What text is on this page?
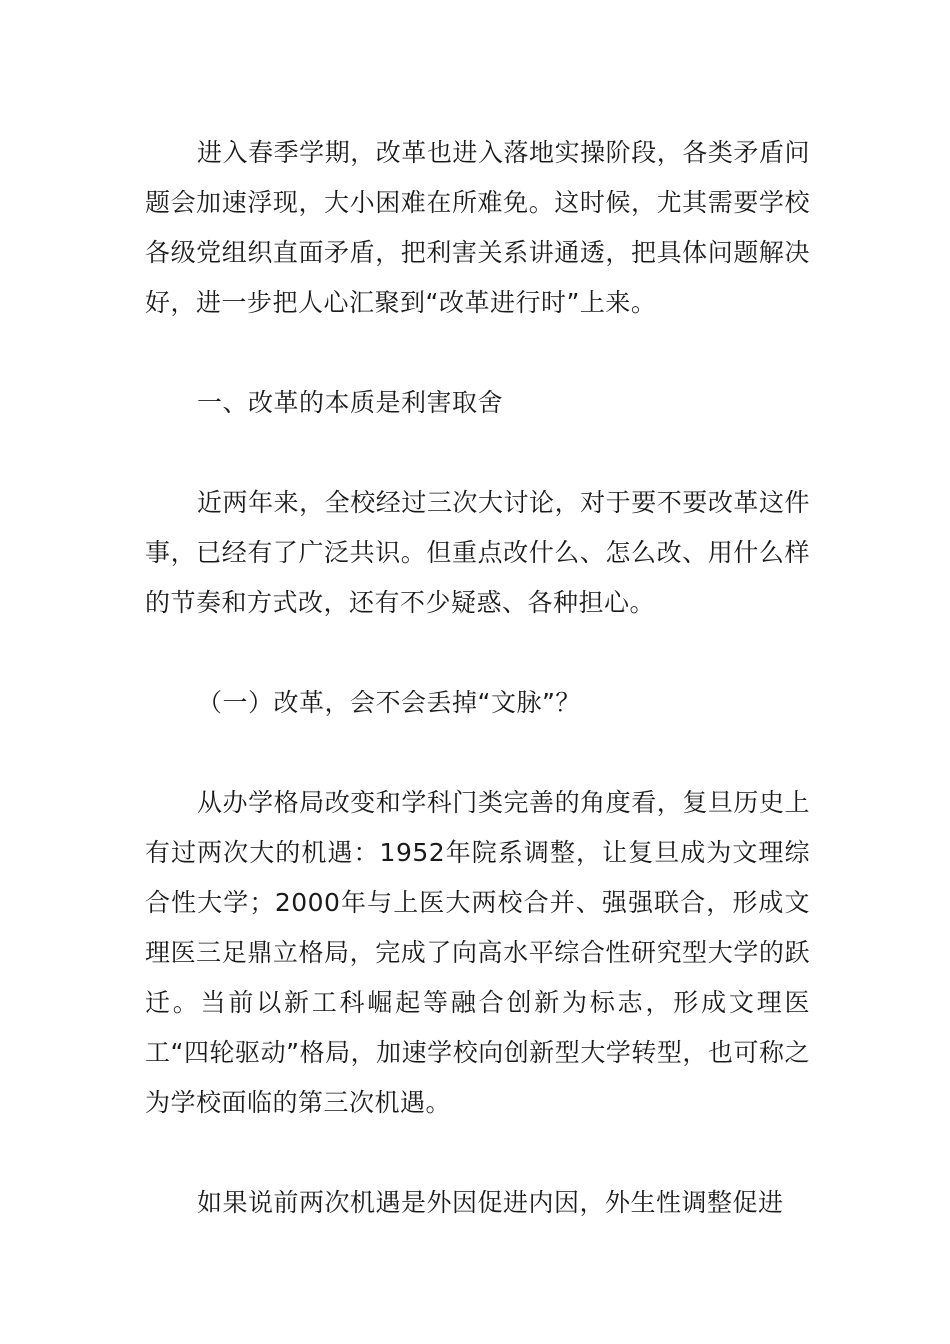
进入春季学期，改革也进入落地实操阶段，各类矛盾问题会加速浮现，大小困难在所难免。这时候，尤其需要学校各级党组织直面矛盾，把利害关系讲通透，把具体问题解决好，进一步把人心汇聚到“改革进行时”上来。

一、改革的本质是利害取舍

近两年来，全校经过三次大讨论，对于要不要改革这件事，已经有了广泛共识。但重点改什么、怎么改、用什么样的节奏和方式改，还有不少疑惑、各种担心。

（一）改革，会不会丢掉“文脉”？

从办学格局改变和学科门类完善的角度看，复旦历史上有过两次大的机遇：1952年院系调整，让复旦成为文理综合性大学；2000年与上医大两校合并、强强联合，形成文理医三足鼎立格局，完成了向高水平综合性研究型大学的跃迁。当前以新工科崛起等融合创新为标志，形成文理医工“四轮驱动”格局，加速学校向创新型大学转型，也可称之为学校面临的第三次机遇。

如果说前两次机遇是外因促进内因，外生性调整促进
